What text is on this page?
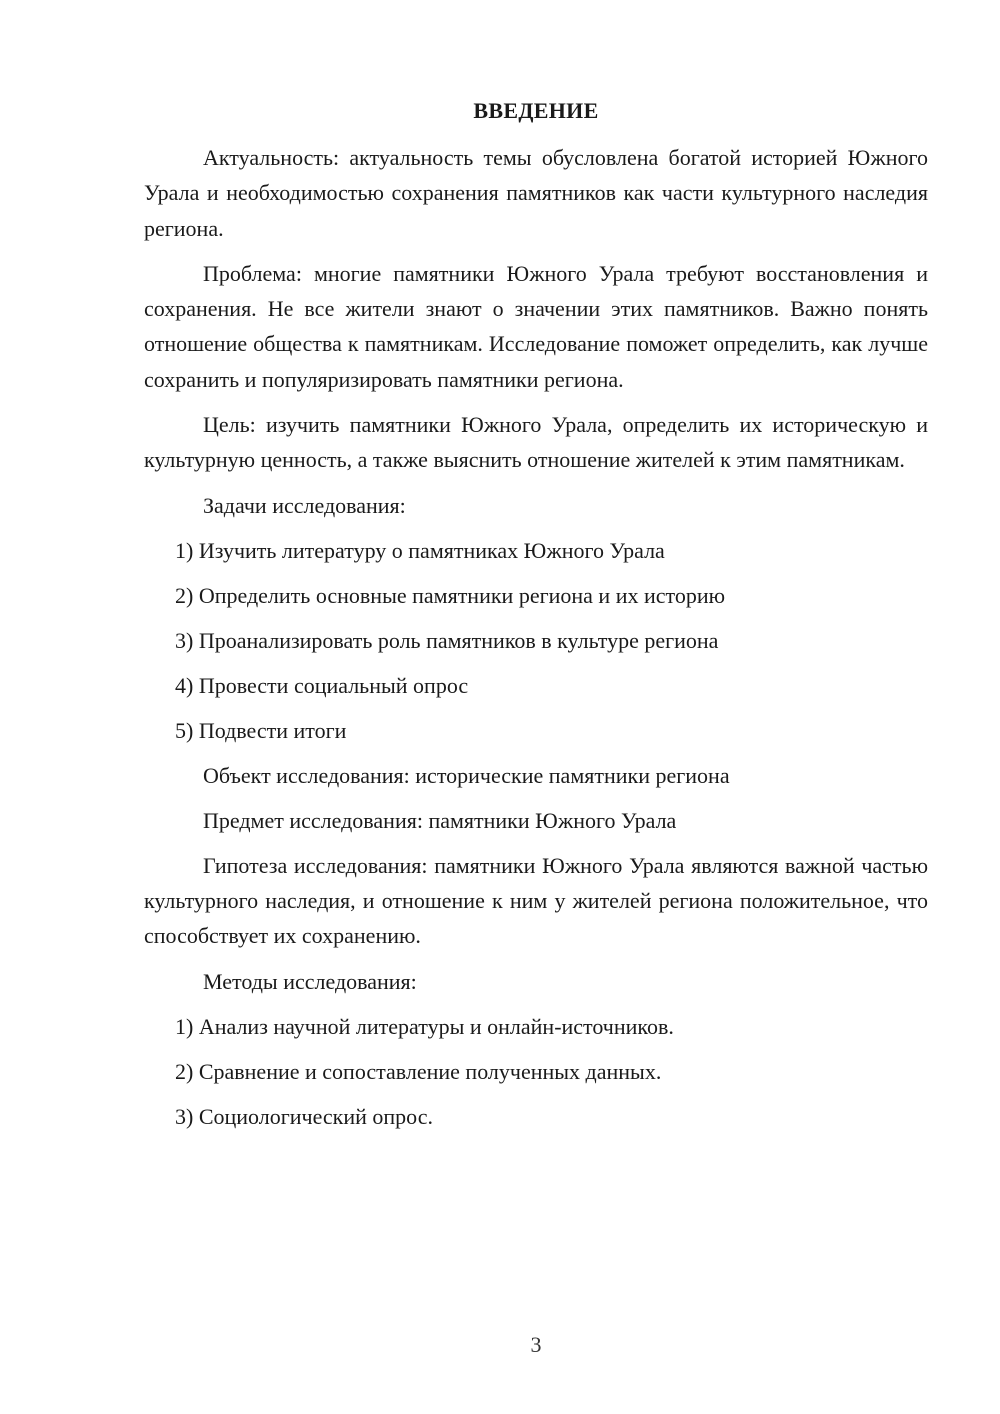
ВВЕДЕНИЕ

Актуальность: актуальность темы обусловлена богатой историей Южного Урала и необходимостью сохранения памятников как части культурного наследия региона.

Проблема: многие памятники Южного Урала требуют восстановления и сохранения. Не все жители знают о значении этих памятников. Важно понять отношение общества к памятникам. Исследование поможет определить, как лучше сохранить и популяризировать памятники региона.

Цель: изучить памятники Южного Урала, определить их историческую и культурную ценность, а также выяснить отношение жителей к этим памятникам.

Задачи исследования:
1) Изучить литературу о памятниках Южного Урала
2) Определить основные памятники региона и их историю
3) Проанализировать роль памятников в культуре региона
4) Провести социальный опрос
5) Подвести итоги
Объект исследования: исторические памятники региона
Предмет исследования: памятники Южного Урала

Гипотеза исследования: памятники Южного Урала являются важной частью культурного наследия, и отношение к ним у жителей региона положительное, что способствует их сохранению.

Методы исследования:
1) Анализ научной литературы и онлайн-источников.
2) Сравнение и сопоставление полученных данных.
3) Социологический опрос.
3
